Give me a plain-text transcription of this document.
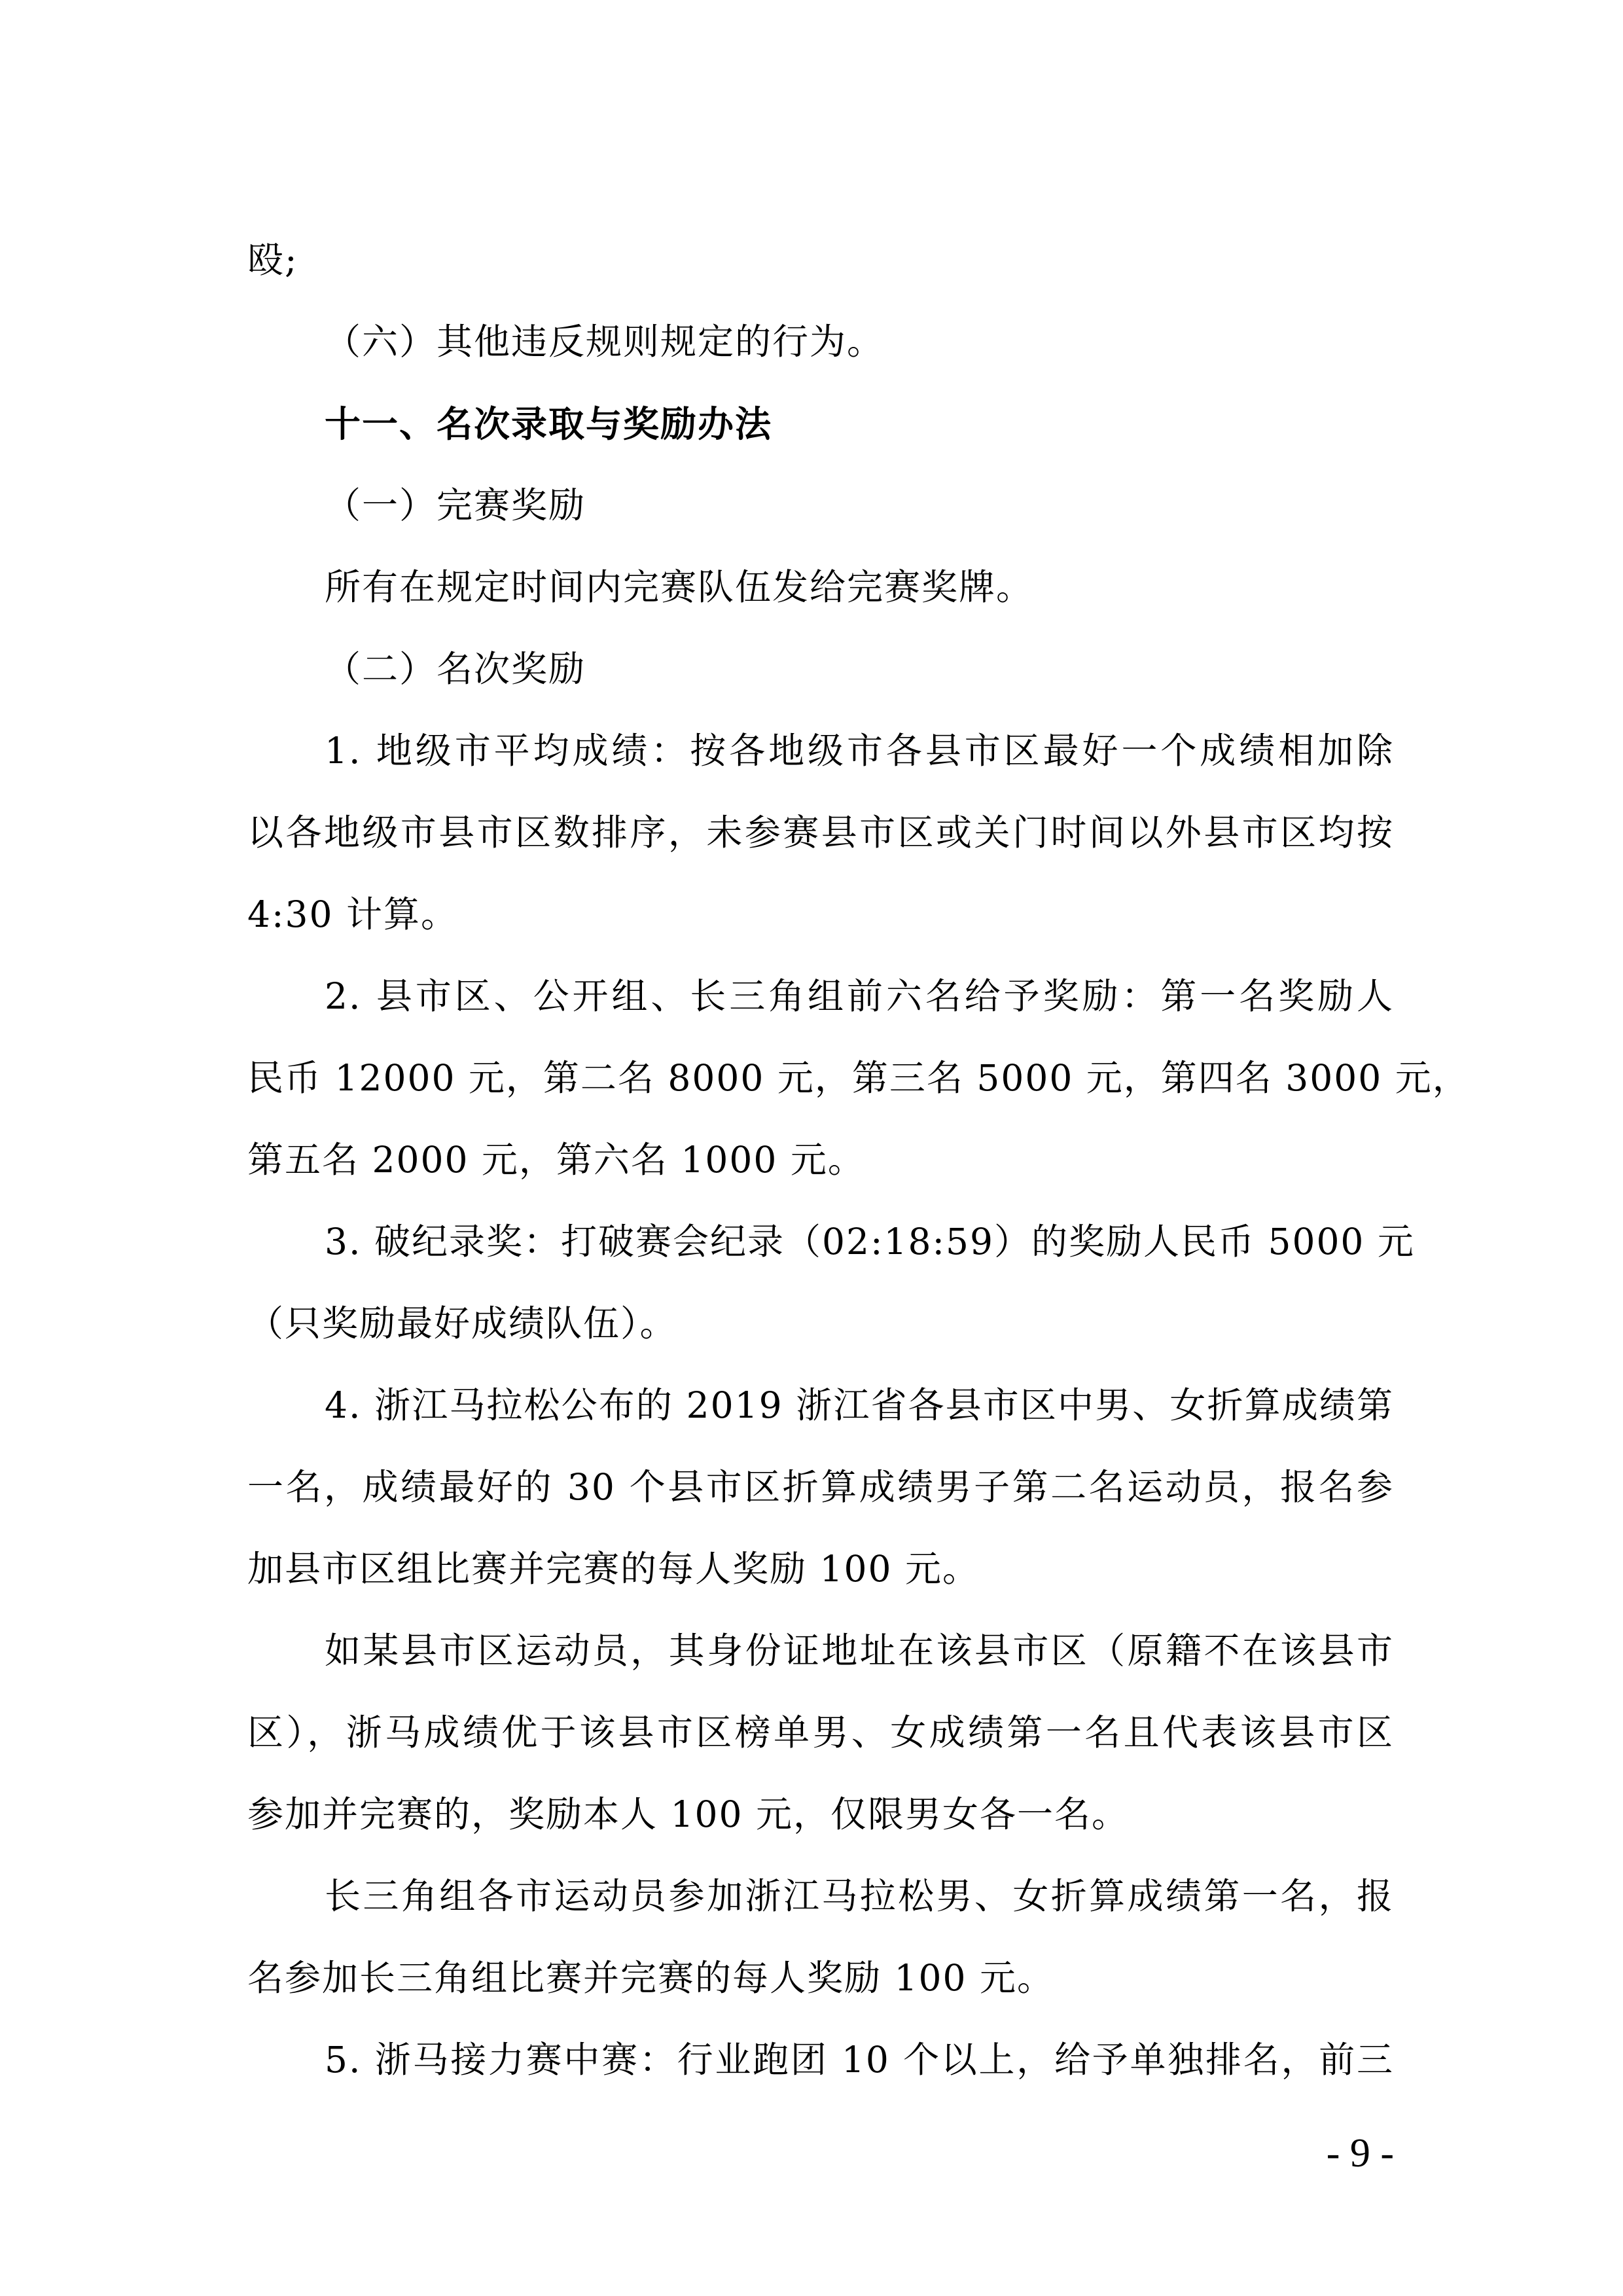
殴;
（六）其他违反规则规定的行为。
十一、名次录取与奖励办法
（一）完赛奖励
所有在规定时间内完赛队伍发给完赛奖牌。
（二）名次奖励
1. 地级市平均成绩：按各地级市各县市区最好一个成绩相加除
以各地级市县市区数排序，未参赛县市区或关门时间以外县市区均按
4:30 计算。
2. 县市区、公开组、长三角组前六名给予奖励：第一名奖励人
民币 12000 元，第二名 8000 元，第三名 5000 元，第四名 3000 元，
第五名 2000 元，第六名 1000 元。
3. 破纪录奖：打破赛会纪录（02:18:59）的奖励人民币 5000 元
（只奖励最好成绩队伍）。
4. 浙江马拉松公布的 2019 浙江省各县市区中男、女折算成绩第
一名，成绩最好的 30 个县市区折算成绩男子第二名运动员，报名参
加县市区组比赛并完赛的每人奖励 100 元。
如某县市区运动员，其身份证地址在该县市区（原籍不在该县市
区），浙马成绩优于该县市区榜单男、女成绩第一名且代表该县市区
参加并完赛的，奖励本人 100 元，仅限男女各一名。
长三角组各市运动员参加浙江马拉松男、女折算成绩第一名，报
名参加长三角组比赛并完赛的每人奖励 100 元。
5. 浙马接力赛中赛：行业跑团 10 个以上，给予单独排名，前三
- 9 -
